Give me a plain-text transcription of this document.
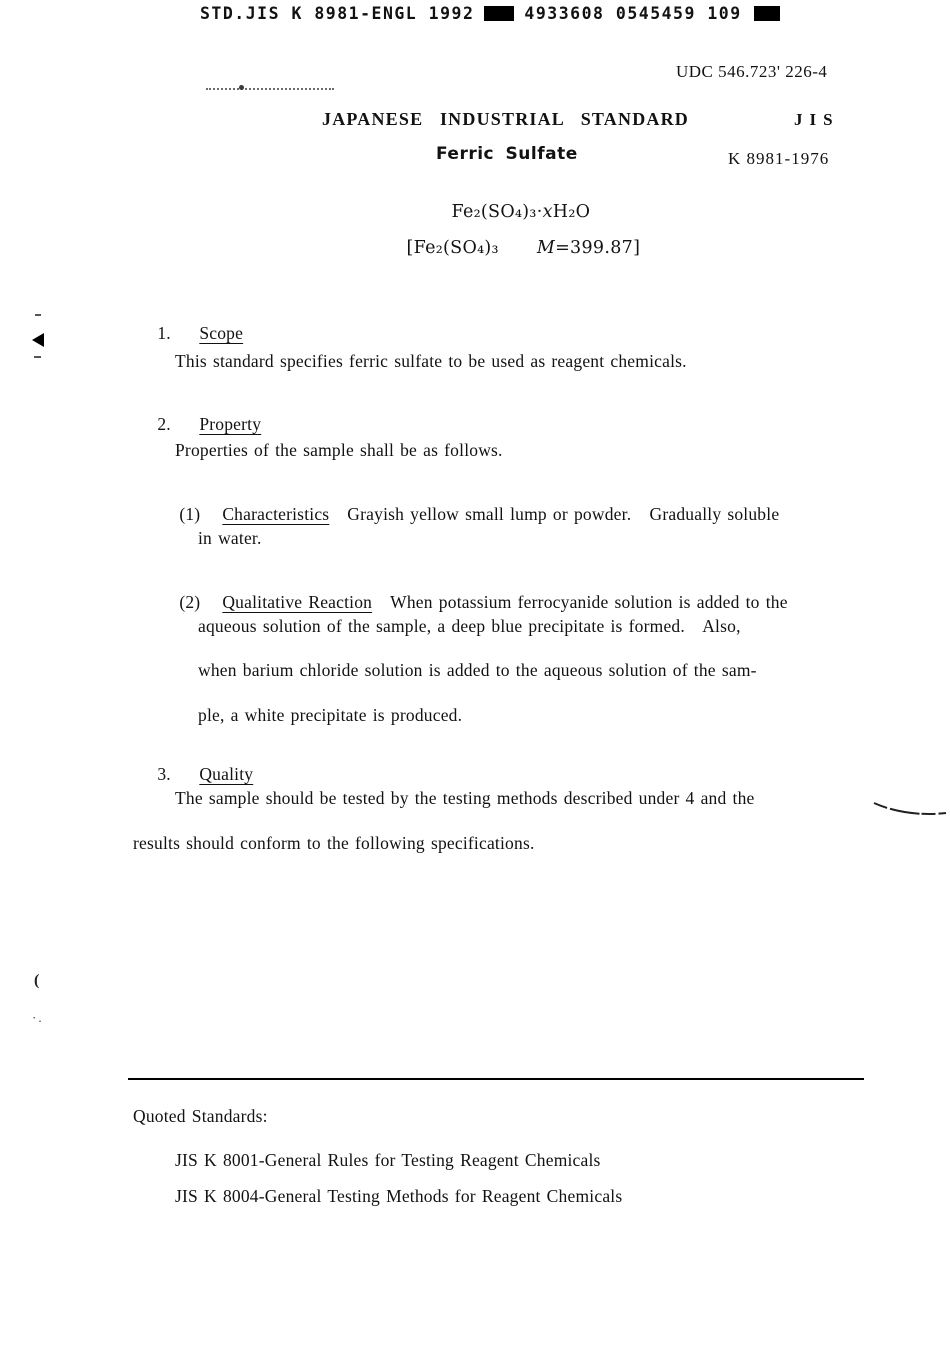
STD.JIS K 8981-ENGL 1992	4933608 0545459 109
UDC 546.723' 226-4
JAPANESE INDUSTRIAL STANDARD	JIS
Ferric Sulfate	K 8981-1976

Fe₂(SO₄)₃·xH₂O

[Fe₂(SO₄)₃ M=399.87]

1. Scope

This standard specifies ferric sulfate to be used as reagent chemicals.

2. Property

Properties of the sample shall be as follows.

(1) Characteristics Grayish yellow small lump or powder.   Gradually soluble

in water.

(2) Qualitative Reaction When potassium ferrocyanide solution is added to the

aqueous solution of the sample, a deep blue precipitate is formed.   Also,
when barium chloride solution is added to the aqueous solution of the sam-
ple, a white precipitate is produced.

3. Quality

The sample should be tested by the testing methods described under 4 and the
results should conform to the following specifications.
Quoted Standards:
JIS K 8001-General Rules for Testing Reagent Chemicals
JIS K 8004-General Testing Methods for Reagent Chemicals
(
·.
